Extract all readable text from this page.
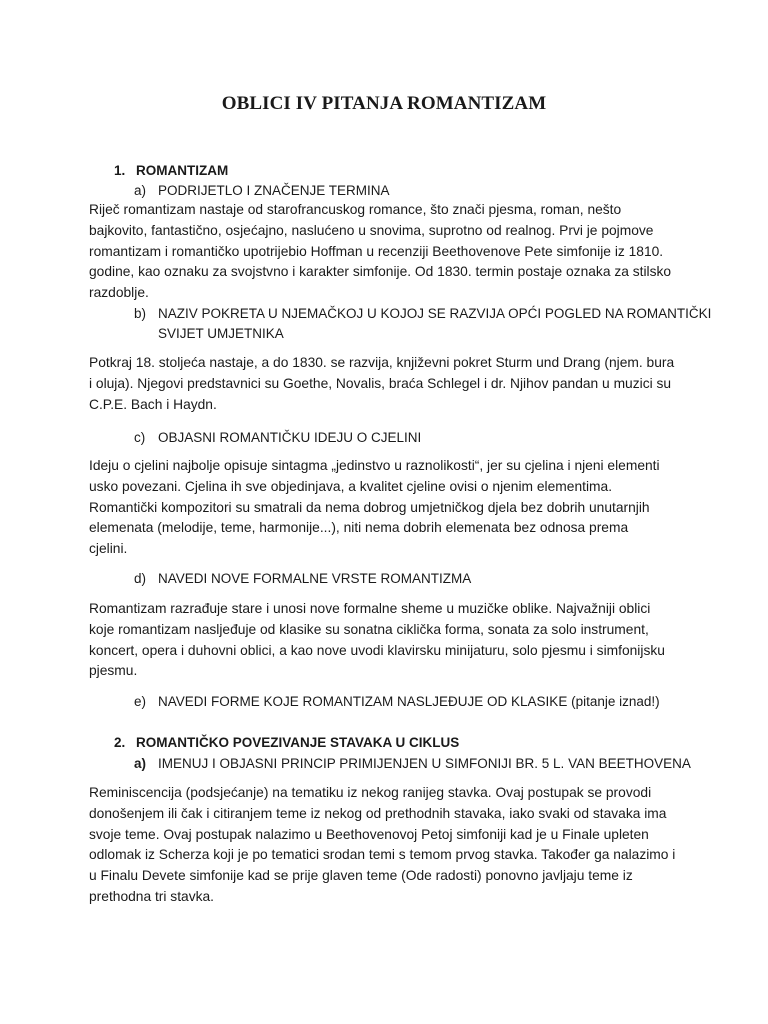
OBLICI IV PITANJA ROMANTIZAM
1. ROMANTIZAM
a) PODRIJETLO I ZNAČENJE TERMINA
Riječ romantizam nastaje od starofrancuskog romance, što znači pjesma, roman, nešto
bajkovito, fantastično, osjećajno, naslućeno u snovima, suprotno od realnog. Prvi je pojmove
romantizam i romantičko upotrijebio Hoffman u recenziji Beethovenove Pete simfonije iz 1810.
godine, kao oznaku za svojstvno i karakter simfonije. Od 1830. termin postaje oznaka za stilsko
razdoblje.
b) NAZIV POKRETA U NJEMAČKOJ U KOJOJ SE RAZVIJA OPĆI POGLED NA ROMANTIČKI
SVIJET UMJETNIKA
Potkraj 18. stoljeća nastaje, a do 1830. se razvija, književni pokret Sturm und Drang (njem. bura
i oluja). Njegovi predstavnici su Goethe, Novalis, braća Schlegel i dr. Njihov pandan u muzici su
C.P.E. Bach i Haydn.
c) OBJASNI ROMANTIČKU IDEJU O CJELINI
Ideju o cjelini najbolje opisuje sintagma „jedinstvo u raznolikosti“, jer su cjelina i njeni elementi
usko povezani. Cjelina ih sve objedinjava, a kvalitet cjeline ovisi o njenim elementima.
Romantički kompozitori su smatrali da nema dobrog umjetničkog djela bez dobrih unutarnjih
elemenata (melodije, teme, harmonije...), niti nema dobrih elemenata bez odnosa prema
cjelini.
d) NAVEDI NOVE FORMALNE VRSTE ROMANTIZMA
Romantizam razrađuje stare i unosi nove formalne sheme u muzičke oblike. Najvažniji oblici
koje romantizam nasljeđuje od klasike su sonatna ciklička forma, sonata za solo instrument,
koncert, opera i duhovni oblici, a kao nove uvodi klavirsku minijaturu, solo pjesmu i simfonijsku
pjesmu.
e) NAVEDI FORME KOJE ROMANTIZAM NASLJEĐUJE OD KLASIKE (pitanje iznad!)
2. ROMANTIČKO POVEZIVANJE STAVAKA U CIKLUS
a) IMENUJ I OBJASNI PRINCIP PRIMIJENJEN U SIMFONIJI BR. 5 L. VAN BEETHOVENA
Reminiscencija (podsjećanje) na tematiku iz nekog ranijeg stavka. Ovaj postupak se provodi
donošenjem ili čak i citiranjem teme iz nekog od prethodnih stavaka, iako svaki od stavaka ima
svoje teme. Ovaj postupak nalazimo u Beethovenovoj Petoj simfoniji kad je u Finale upleten
odlomak iz Scherza koji je po tematici srodan temi s temom prvog stavka. Također ga nalazimo i
u Finalu Devete simfonije kad se prije glaven teme (Ode radosti) ponovno javljaju teme iz
prethodna tri stavka.
